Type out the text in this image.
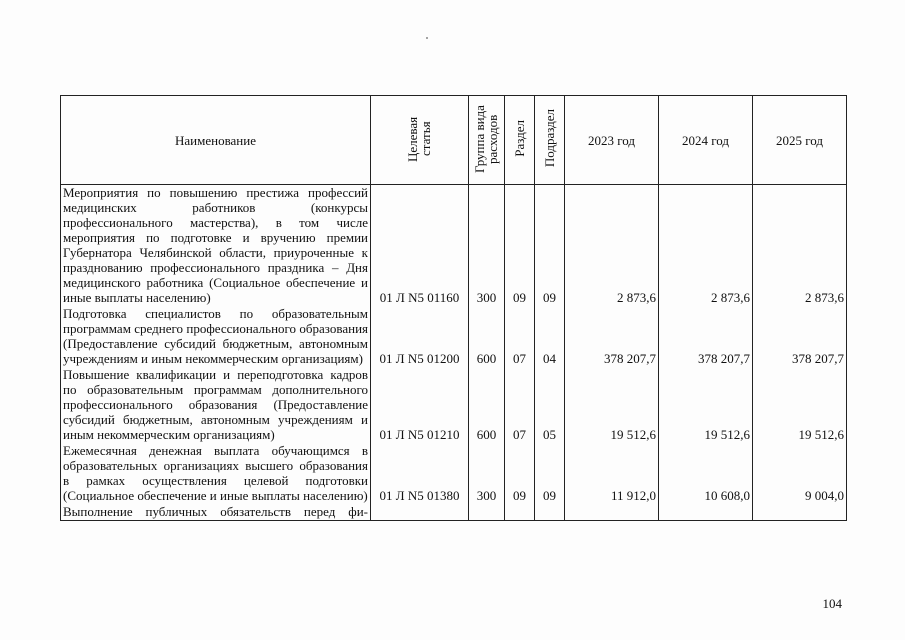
Наименование	Целевая статья	Группа вида расходов	Раздел	Подраздел	2023 год	2024 год	2025 год
Мероприятия по повышению престижа профессий медицинских работников (конкурсы профессионального мастерства), в том числе мероприятия по подготовке и вручению премии Губернатора Челябинской области, приуроченные к празднованию профессионального праздника – Дня медицинского работника (Социальное обеспечение и иные выплаты населению)	01 Л N5 01160	300	09	09	2 873,6	2 873,6	2 873,6
Подготовка специалистов по образовательным программам среднего профессионального образования (Предоставление субсидий бюджетным, автономным учреждениям и иным некоммерческим организациям)	01 Л N5 01200	600	07	04	378 207,7	378 207,7	378 207,7
Повышение квалификации и переподготовка кадров по образовательным программам дополнительного профессионального образования (Предоставление субсидий бюджетным, автономным учреждениям и иным некоммерческим организациям)	01 Л N5 01210	600	07	05	19 512,6	19 512,6	19 512,6
Ежемесячная денежная выплата обучающимся в образовательных организациях высшего образования в рамках осуществления целевой подготовки (Социальное обеспечение и иные выплаты населению)	01 Л N5 01380	300	09	09	11 912,0	10 608,0	9 004,0
Выполнение публичных обязательств перед фи-							
104
